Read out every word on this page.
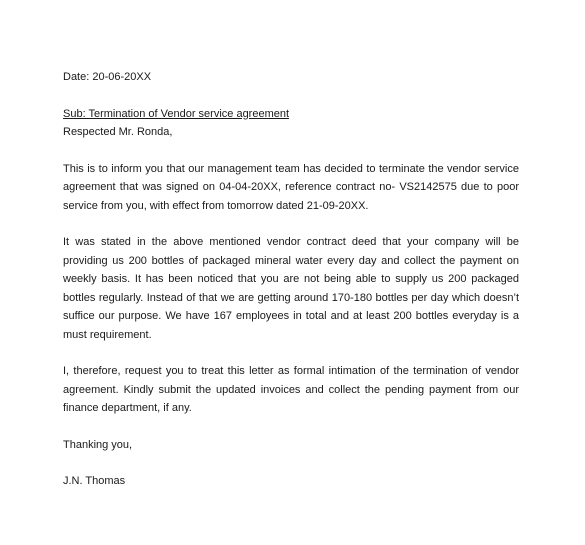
Date: 20-06-20XX

Sub: Termination of Vendor service agreement

Respected Mr. Ronda,

This is to inform you that our management team has decided to terminate the vendor service agreement that was signed on 04-04-20XX, reference contract no- VS2142575 due to poor service from you, with effect from tomorrow dated 21-09-20XX.

It was stated in the above mentioned vendor contract deed that your company will be providing us 200 bottles of packaged mineral water every day and collect the payment on weekly basis. It has been noticed that you are not being able to supply us 200 packaged bottles regularly. Instead of that we are getting around 170-180 bottles per day which doesn’t suffice our purpose. We have 167 employees in total and at least 200 bottles everyday is a must requirement.

I, therefore, request you to treat this letter as formal intimation of the termination of vendor agreement. Kindly submit the updated invoices and collect the pending payment from our finance department, if any.

Thanking you,

J.N. Thomas
